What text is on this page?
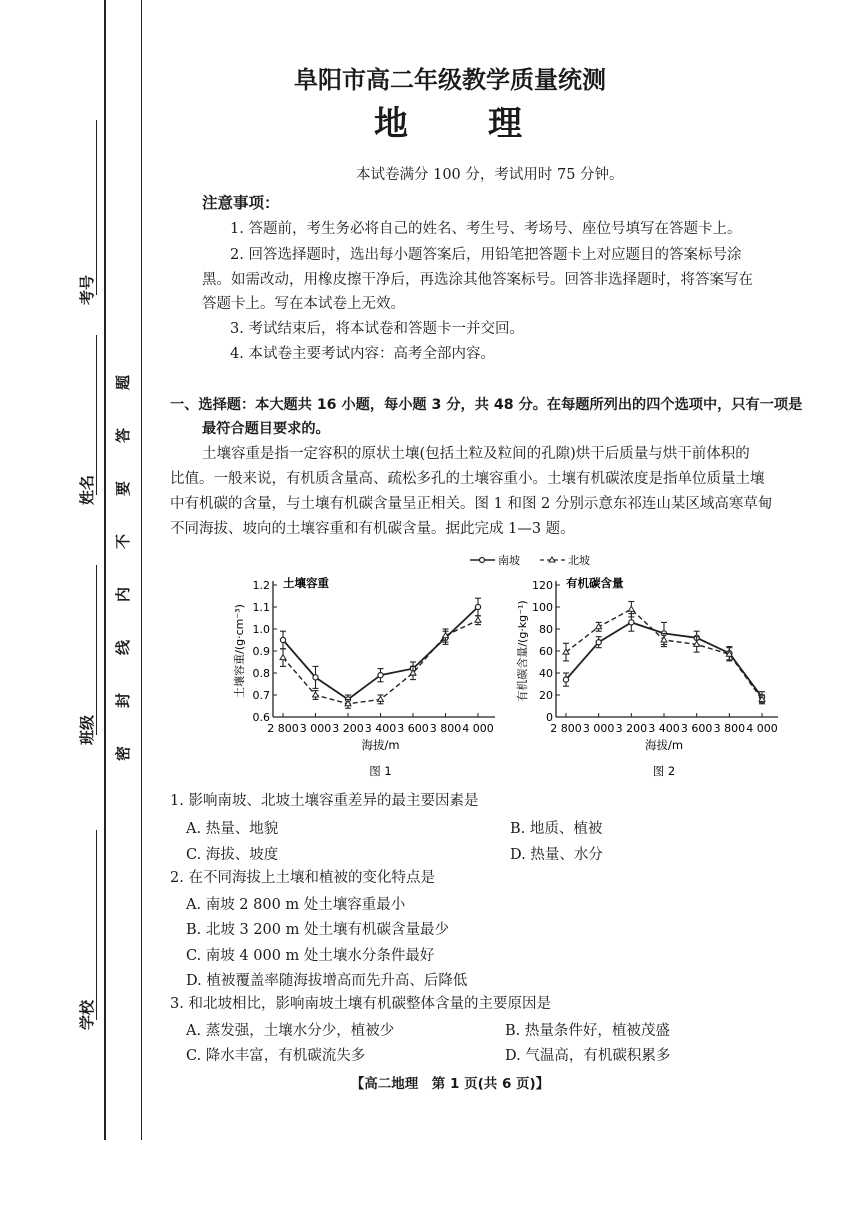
考号
姓名
班级
学校
题
答
要
不
内
线
封
密
阜阳市高二年级教学质量统测
地　　理
本试卷满分 100 分，考试用时 75 分钟。
注意事项：
1. 答题前，考生务必将自己的姓名、考生号、考场号、座位号填写在答题卡上。
2. 回答选择题时，选出每小题答案后，用铅笔把答题卡上对应题目的答案标号涂
黑。如需改动，用橡皮擦干净后，再选涂其他答案标号。回答非选择题时，将答案写在
答题卡上。写在本试卷上无效。
3. 考试结束后，将本试卷和答题卡一并交回。
4. 本试卷主要考试内容：高考全部内容。
一、选择题：本大题共 16 小题，每小题 3 分，共 48 分。在每题所列出的四个选项中，只有一项是
最符合题目要求的。
土壤容重是指一定容积的原状土壤(包括土粒及粒间的孔隙)烘干后质量与烘干前体积的
比值。一般来说，有机质含量高、疏松多孔的土壤容重小。土壤有机碳浓度是指单位质量土壤
中有机碳的含量，与土壤有机碳含量呈正相关。图 1 和图 2 分别示意东祁连山某区域高寒草甸
不同海拔、坡向的土壤容重和有机碳含量。据此完成 1—3 题。
南坡	北坡
0.6
0.7
0.8
0.9
1.0
1.1
1.2
2 800 3 000 3 200 3 400 3 600 3 800 4 000
土壤容重
海拔/m
土壤容重/(g·cm⁻³)
图 1
0
20
40
60
80
100
120
2 800 3 000 3 200 3 400 3 600 3 800 4 000
有机碳含量
海拔/m
有机碳含量/(g·kg⁻¹)
图 2
1. 影响南坡、北坡土壤容重差异的最主要因素是
A. 热量、地貌	B. 地质、植被
C. 海拔、坡度	D. 热量、水分
2. 在不同海拔上土壤和植被的变化特点是
A. 南坡 2 800 m 处土壤容重最小
B. 北坡 3 200 m 处土壤有机碳含量最少
C. 南坡 4 000 m 处土壤水分条件最好
D. 植被覆盖率随海拔增高而先升高、后降低
3. 和北坡相比，影响南坡土壤有机碳整体含量的主要原因是
A. 蒸发强，土壤水分少，植被少	B. 热量条件好，植被茂盛
C. 降水丰富，有机碳流失多	D. 气温高，有机碳积累多
【高二地理　第 1 页(共 6 页)】
